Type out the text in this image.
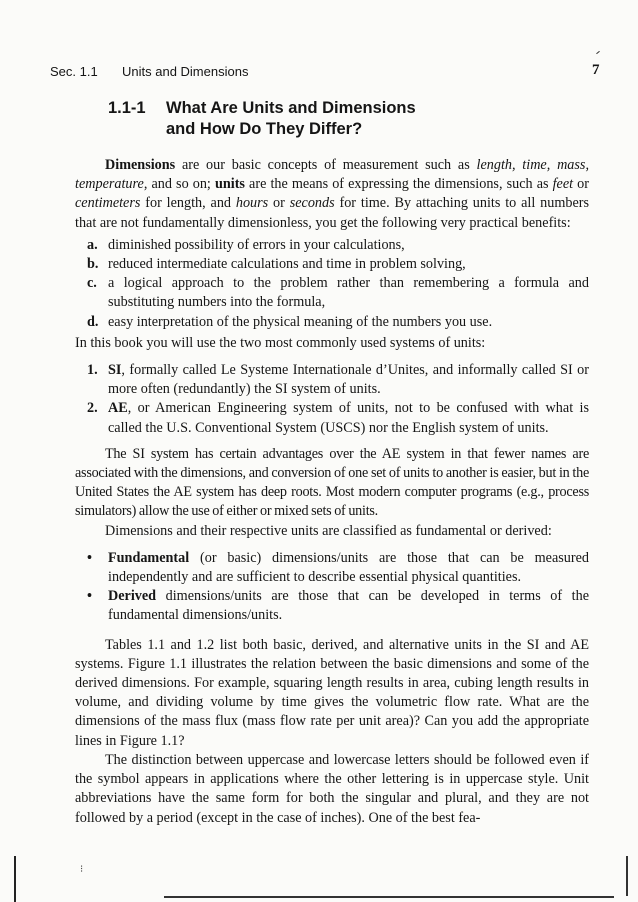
Sec. 1.1 Units and Dimensions	7
1.1-1 What Are Units and Dimensions
and How Do They Differ?

Dimensions are our basic concepts of measurement such as length, time, mass, temperature, and so on; units are the means of expressing the dimensions, such as feet or centimeters for length, and hours or seconds for time. By attaching units to all numbers that are not fundamentally dimensionless, you get the following very practical benefits:

a. diminished possibility of errors in your calculations,

b. reduced intermediate calculations and time in problem solving,

c. a logical approach to the problem rather than remembering a formula and substituting numbers into the formula,

d. easy interpretation of the physical meaning of the numbers you use.

In this book you will use the two most commonly used systems of units:

1. SI, formally called Le Systeme Internationale d’Unites, and informally called SI or more often (redundantly) the SI system of units.

2. AE, or American Engineering system of units, not to be confused with what is called the U.S. Conventional System (USCS) nor the English system of units.

The SI system has certain advantages over the AE system in that fewer names are associated with the dimensions, and conversion of one set of units to another is easier, but in the United States the AE system has deep roots. Most modern computer programs (e.g., process simulators) allow the use of either or mixed sets of units.

Dimensions and their respective units are classified as fundamental or derived:

• Fundamental (or basic) dimensions/units are those that can be measured independently and are sufficient to describe essential physical quantities.

• Derived dimensions/units are those that can be developed in terms of the fundamental dimensions/units.

Tables 1.1 and 1.2 list both basic, derived, and alternative units in the SI and AE systems. Figure 1.1 illustrates the relation between the basic dimensions and some of the derived dimensions. For example, squaring length results in area, cubing length results in volume, and dividing volume by time gives the volumetric flow rate. What are the dimensions of the mass flux (mass flow rate per unit area)? Can you add the appropriate lines in Figure 1.1?

The distinction between uppercase and lowercase letters should be followed even if the symbol appears in applications where the other lettering is in uppercase style. Unit abbreviations have the same form for both the singular and plural, and they are not followed by a period (except in the case of inches). One of the best fea-

⁝
